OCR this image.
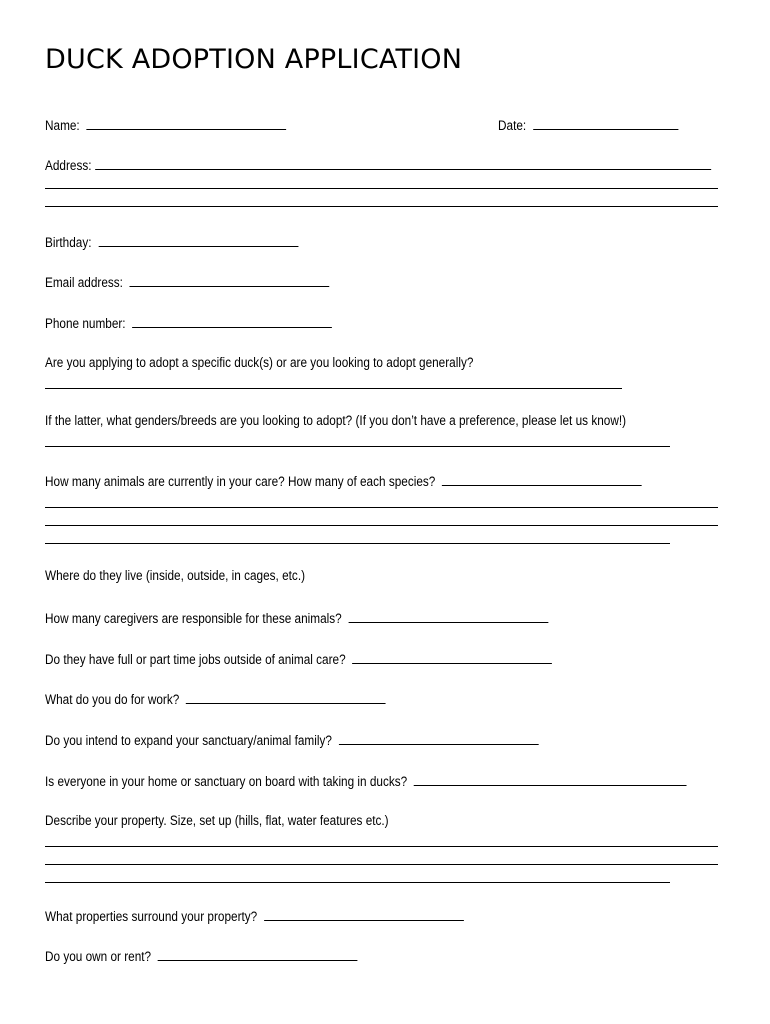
DUCK ADOPTION APPLICATION
Name:	Date:
Address:
Birthday:
Email address:
Phone number:
Are you applying to adopt a specific duck(s) or are you looking to adopt generally?
If the latter, what genders/breeds are you looking to adopt? (If you don’t have a preference, please let us know!)
How many animals are currently in your care? How many of each species?
Where do they live (inside, outside, in cages, etc.)
How many caregivers are responsible for these animals?
Do they have full or part time jobs outside of animal care?
What do you do for work?
Do you intend to expand your sanctuary/animal family?
Is everyone in your home or sanctuary on board with taking in ducks?
Describe your property. Size, set up (hills, flat, water features etc.)
What properties surround your property?
Do you own or rent?
